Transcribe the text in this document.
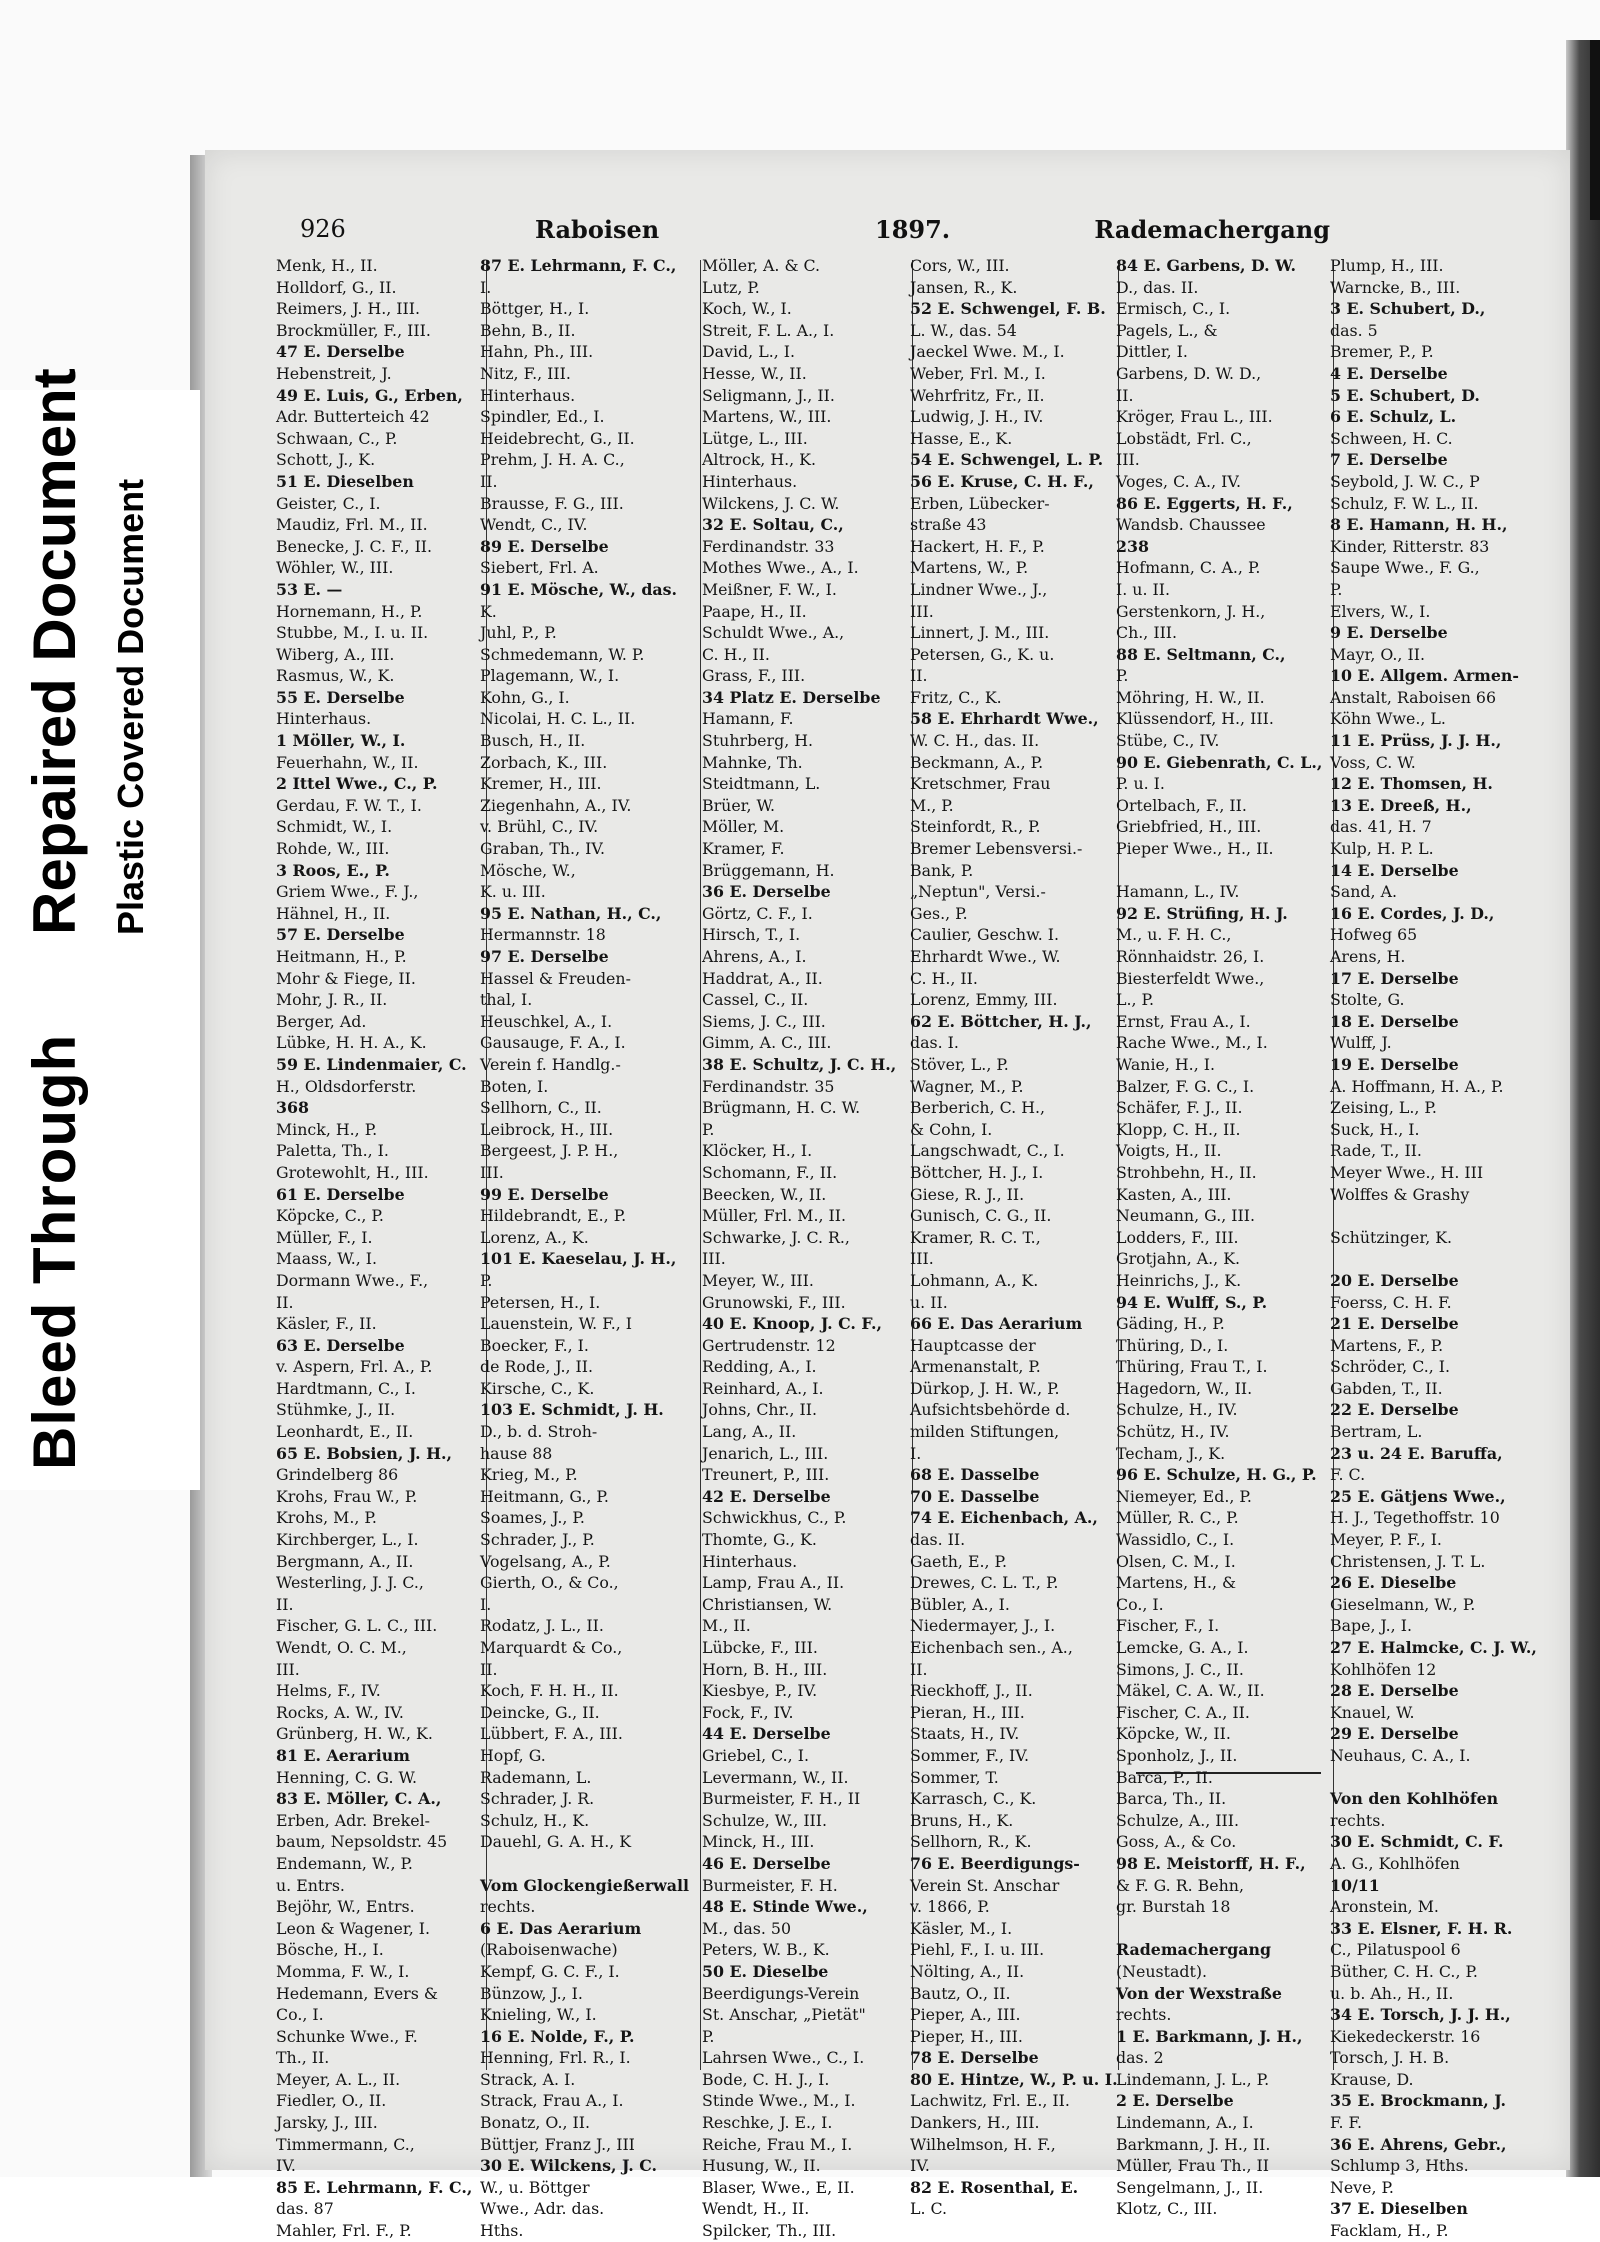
Bleed Through
Repaired Document Plastic Covered Document
926	Raboisen	1897.	Rademachergang
Menk, H., II.
Holldorf, G., II.
Reimers, J. H., III.
Brockmüller, F., III.
47 E. Derselbe
Hebenstreit, J.
49 E. Luis, G., Erben,
Adr. Butterteich 42
Schwaan, C., P.
Schott, J., K.
51 E. Dieselben
Geister, C., I.
Maudiz, Frl. M., II.
Benecke, J. C. F., II.
Wöhler, W., III.
53 E. —
Hornemann, H., P.
Stubbe, M., I. u. II.
Wiberg, A., III.
Rasmus, W., K.
55 E. Derselbe
Hinterhaus.
1 Möller, W., I.
Feuerhahn, W., II.
2 Ittel Wwe., C., P.
Gerdau, F. W. T., I.
Schmidt, W., I.
Rohde, W., III.
3 Roos, E., P.
Griem Wwe., F. J.,
Hähnel, H., II.
57 E. Derselbe
Heitmann, H., P.
Mohr & Fiege, II.
Mohr, J. R., II.
Berger, Ad.
Lübke, H. H. A., K.
59 E. Lindenmaier, C.
H., Oldsdorferstr.
368
Minck, H., P.
Paletta, Th., I.
Grotewohlt, H., III.
61 E. Derselbe
Köpcke, C., P.
Müller, F., I.
Maass, W., I.
Dormann Wwe., F.,
II.
Käsler, F., II.
63 E. Derselbe
v. Aspern, Frl. A., P.
Hardtmann, C., I.
Stühmke, J., II.
Leonhardt, E., II.
65 E. Bobsien, J. H.,
Grindelberg 86
Krohs, Frau W., P.
Krohs, M., P.
Kirchberger, L., I.
Bergmann, A., II.
Westerling, J. J. C.,
II.
Fischer, G. L. C., III.
Wendt, O. C. M.,
III.
Helms, F., IV.
Rocks, A. W., IV.
Grünberg, H. W., K.
81 E. Aerarium
Henning, C. G. W.
83 E. Möller, C. A.,
Erben, Adr. Brekel-
baum, Nepsoldstr. 45
Endemann, W., P.
u. Entrs.
Bejöhr, W., Entrs.
Leon & Wagener, I.
Bösche, H., I.
Momma, F. W., I.
Hedemann, Evers &
Co., I.
Schunke Wwe., F.
Th., II.
Meyer, A. L., II.
Fiedler, O., II.
Jarsky, J., III.
Timmermann, C.,
IV.
85 E. Lehrmann, F. C.,
das. 87
Mahler, Frl. F., P.
87 E. Lehrmann, F. C.,
I.
Böttger, H., I.
Behn, B., II.
Hahn, Ph., III.
Nitz, F., III.
Hinterhaus.
Spindler, Ed., I.
Heidebrecht, G., II.
Prehm, J. H. A. C.,
II.
Brausse, F. G., III.
Wendt, C., IV.
89 E. Derselbe
Siebert, Frl. A.
91 E. Mösche, W., das.
K.
Juhl, P., P.
Schmedemann, W. P.
Plagemann, W., I.
Kohn, G., I.
Nicolai, H. C. L., II.
Busch, H., II.
Zorbach, K., III.
Kremer, H., III.
Ziegenhahn, A., IV.
v. Brühl, C., IV.
Graban, Th., IV.
Mösche, W.,
K. u. III.
95 E. Nathan, H., C.,
Hermannstr. 18
97 E. Derselbe
Hassel & Freuden-
thal, I.
Heuschkel, A., I.
Gausauge, F. A., I.
Verein f. Handlg.-
Boten, I.
Sellhorn, C., II.
Leibrock, H., III.
Bergeest, J. P. H.,
III.
99 E. Derselbe
Hildebrandt, E., P.
Lorenz, A., K.
101 E. Kaeselau, J. H.,
P.
Petersen, H., I.
Lauenstein, W. F., I
Boecker, F., I.
de Rode, J., II.
Kirsche, C., K.
103 E. Schmidt, J. H.
D., b. d. Stroh-
hause 88
Krieg, M., P.
Heitmann, G., P.
Soames, J., P.
Schrader, J., P.
Vogelsang, A., P.
Gierth, O., & Co.,
I.
Rodatz, J. L., II.
Marquardt & Co.,
II.
Koch, F. H. H., II.
Deincke, G., II.
Lübbert, F. A., III.
Hopf, G.
Rademann, L.
Schrader, J. R.
Schulz, H., K.
Dauehl, G. A. H., K
Vom Glockengießerwall
rechts.
6 E. Das Aerarium
(Raboisenwache)
Kempf, G. C. F., I.
Bünzow, J., I.
Knieling, W., I.
16 E. Nolde, F., P.
Henning, Frl. R., I.
Strack, A. I.
Strack, Frau A., I.
Bonatz, O., II.
Büttjer, Franz J., III
30 E. Wilckens, J. C.
W., u. Böttger
Wwe., Adr. das.
Hths.
Möller, A. & C.
Lutz, P.
Koch, W., I.
Streit, F. L. A., I.
David, L., I.
Hesse, W., II.
Seligmann, J., II.
Martens, W., III.
Lütge, L., III.
Altrock, H., K.
Hinterhaus.
Wilckens, J. C. W.
32 E. Soltau, C.,
Ferdinandstr. 33
Mothes Wwe., A., I.
Meißner, F. W., I.
Paape, H., II.
Schuldt Wwe., A.,
C. H., II.
Grass, F., III.
34 Platz E. Derselbe
Hamann, F.
Stuhrberg, H.
Mahnke, Th.
Steidtmann, L.
Brüer, W.
Möller, M.
Kramer, F.
Brüggemann, H.
36 E. Derselbe
Görtz, C. F., I.
Hirsch, T., I.
Ahrens, A., I.
Haddrat, A., II.
Cassel, C., II.
Siems, J. C., III.
Gimm, A. C., III.
38 E. Schultz, J. C. H.,
Ferdinandstr. 35
Brügmann, H. C. W.
P.
Klöcker, H., I.
Schomann, F., II.
Beecken, W., II.
Müller, Frl. M., II.
Schwarke, J. C. R.,
III.
Meyer, W., III.
Grunowski, F., III.
40 E. Knoop, J. C. F.,
Gertrudenstr. 12
Redding, A., I.
Reinhard, A., I.
Johns, Chr., II.
Lang, A., II.
Jenarich, L., III.
Treunert, P., III.
42 E. Derselbe
Schwickhus, C., P.
Thomte, G., K.
Hinterhaus.
Lamp, Frau A., II.
Christiansen, W.
M., II.
Lübcke, F., III.
Horn, B. H., III.
Kiesbye, P., IV.
Fock, F., IV.
44 E. Derselbe
Griebel, C., I.
Levermann, W., II.
Burmeister, F. H., II
Schulze, W., III.
Minck, H., III.
46 E. Derselbe
Burmeister, F. H.
48 E. Stinde Wwe.,
M., das. 50
Peters, W. B., K.
50 E. Dieselbe
Beerdigungs-Verein
St. Anschar, „Pietät"
P.
Lahrsen Wwe., C., I.
Bode, C. H. J., I.
Stinde Wwe., M., I.
Reschke, J. E., I.
Reiche, Frau M., I.
Husung, W., II.
Blaser, Wwe., E, II.
Wendt, H., II.
Spilcker, Th., III.
Cors, W., III.
Jansen, R., K.
52 E. Schwengel, F. B.
L. W., das. 54
Jaeckel Wwe. M., I.
Weber, Frl. M., I.
Wehrfritz, Fr., II.
Ludwig, J. H., IV.
Hasse, E., K.
54 E. Schwengel, L. P.
56 E. Kruse, C. H. F.,
Erben, Lübecker-
straße 43
Hackert, H. F., P.
Martens, W., P.
Lindner Wwe., J.,
III.
Linnert, J. M., III.
Petersen, G., K. u.
II.
Fritz, C., K.
58 E. Ehrhardt Wwe.,
W. C. H., das. II.
Beckmann, A., P.
Kretschmer, Frau
M., P.
Steinfordt, R., P.
Bremer Lebensversi.-
Bank, P.
„Neptun", Versi.-
Ges., P.
Caulier, Geschw. I.
Ehrhardt Wwe., W.
C. H., II.
Lorenz, Emmy, III.
62 E. Böttcher, H. J.,
das. I.
Stöver, L., P.
Wagner, M., P.
Berberich, C. H.,
& Cohn, I.
Langschwadt, C., I.
Böttcher, H. J., I.
Giese, R. J., II.
Gunisch, C. G., II.
Kramer, R. C. T.,
III.
Lohmann, A., K.
u. II.
66 E. Das Aerarium
Hauptcasse der
Armenanstalt, P.
Dürkop, J. H. W., P.
Aufsichtsbehörde d.
milden Stiftungen,
I.
68 E. Dasselbe
70 E. Dasselbe
74 E. Eichenbach, A.,
das. II.
Gaeth, E., P.
Drewes, C. L. T., P.
Bübler, A., I.
Niedermayer, J., I.
Eichenbach sen., A.,
II.
Rieckhoff, J., II.
Pieran, H., III.
Staats, H., IV.
Sommer, F., IV.
Sommer, T.
Karrasch, C., K.
Bruns, H., K.
Sellhorn, R., K.
76 E. Beerdigungs-
Verein St. Anschar
v. 1866, P.
Käsler, M., I.
Piehl, F., I. u. III.
Nölting, A., II.
Bautz, O., II.
Pieper, A., III.
Pieper, H., III.
78 E. Derselbe
80 E. Hintze, W., P. u. I.
Lachwitz, Frl. E., II.
Dankers, H., III.
Wilhelmson, H. F.,
IV.
82 E. Rosenthal, E.
L. C.
84 E. Garbens, D. W.
D., das. II.
Ermisch, C., I.
Pagels, L., &
Dittler, I.
Garbens, D. W. D.,
II.
Kröger, Frau L., III.
Lobstädt, Frl. C.,
III.
Voges, C. A., IV.
86 E. Eggerts, H. F.,
Wandsb. Chaussee
238
Hofmann, C. A., P.
I. u. II.
Gerstenkorn, J. H.,
Ch., III.
88 E. Seltmann, C.,
P.
Möhring, H. W., II.
Klüssendorf, H., III.
Stübe, C., IV.
90 E. Giebenrath, C. L.,
P. u. I.
Ortelbach, F., II.
Griebfried, H., III.
Pieper Wwe., H., II.
Hamann, L., IV.
92 E. Strüfing, H. J.
M., u. F. H. C.,
Rönnhaidstr. 26, I.
Biesterfeldt Wwe.,
L., P.
Ernst, Frau A., I.
Rache Wwe., M., I.
Wanie, H., I.
Balzer, F. G. C., I.
Schäfer, F. J., II.
Klopp, C. H., II.
Voigts, H., II.
Strohbehn, H., II.
Kasten, A., III.
Neumann, G., III.
Lodders, F., III.
Grotjahn, A., K.
Heinrichs, J., K.
94 E. Wulff, S., P.
Gäding, H., P.
Thüring, D., I.
Thüring, Frau T., I.
Hagedorn, W., II.
Schulze, H., IV.
Schütz, H., IV.
Techam, J., K.
96 E. Schulze, H. G., P.
Niemeyer, Ed., P.
Müller, R. C., P.
Wassidlo, C., I.
Olsen, C. M., I.
Martens, H., &
Co., I.
Fischer, F., I.
Lemcke, G. A., I.
Simons, J. C., II.
Mäkel, C. A. W., II.
Fischer, C. A., II.
Köpcke, W., II.
Sponholz, J., II.
Barca, P., II.
Barca, Th., II.
Schulze, A., III.
Goss, A., & Co.
98 E. Meistorff, H. F.,
& F. G. R. Behn,
gr. Burstah 18
Rademachergang
(Neustadt).
Von der Wexstraße
rechts.
1 E. Barkmann, J. H.,
das. 2
Lindemann, J. L., P.
2 E. Derselbe
Lindemann, A., I.
Barkmann, J. H., II.
Müller, Frau Th., II
Sengelmann, J., II.
Klotz, C., III.
Plump, H., III.
Warncke, B., III.
3 E. Schubert, D.,
das. 5
Bremer, P., P.
4 E. Derselbe
5 E. Schubert, D.
6 E. Schulz, L.
Schween, H. C.
7 E. Derselbe
Seybold, J. W. C., P
Schulz, F. W. L., II.
8 E. Hamann, H. H.,
Kinder, Ritterstr. 83
Saupe Wwe., F. G.,
P.
Elvers, W., I.
9 E. Derselbe
Mayr, O., II.
10 E. Allgem. Armen-
Anstalt, Raboisen 66
Köhn Wwe., L.
11 E. Prüss, J. J. H.,
Voss, C. W.
12 E. Thomsen, H.
13 E. Dreeß, H.,
das. 41, H. 7
Kulp, H. P. L.
14 E. Derselbe
Sand, A.
16 E. Cordes, J. D.,
Hofweg 65
Arens, H.
17 E. Derselbe
Stolte, G.
18 E. Derselbe
Wulff, J.
19 E. Derselbe
A. Hoffmann, H. A., P.
Zeising, L., P.
Suck, H., I.
Rade, T., II.
Meyer Wwe., H. III
Wolffes & Grashy
Schützinger, K.
20 E. Derselbe
Foerss, C. H. F.
21 E. Derselbe
Martens, F., P.
Schröder, C., I.
Gabden, T., II.
22 E. Derselbe
Bertram, L.
23 u. 24 E. Baruffa,
F. C.
25 E. Gätjens Wwe.,
H. J., Tegethoffstr. 10
Meyer, P. F., I.
Christensen, J. T. L.
26 E. Dieselbe
Gieselmann, W., P.
Bape, J., I.
27 E. Halmcke, C. J. W.,
Kohlhöfen 12
28 E. Derselbe
Knauel, W.
29 E. Derselbe
Neuhaus, C. A., I.
Von den Kohlhöfen
rechts.
30 E. Schmidt, C. F.
A. G., Kohlhöfen
10/11
Aronstein, M.
33 E. Elsner, F. H. R.
C., Pilatuspool 6
Büther, C. H. C., P.
u. b. Ah., H., II.
34 E. Torsch, J. J. H.,
Kiekedeckerstr. 16
Torsch, J. H. B.
Krause, D.
35 E. Brockmann, J.
F. F.
36 E. Ahrens, Gebr.,
Schlump 3, Hths.
Neve, P.
37 E. Dieselben
Facklam, H., P.
